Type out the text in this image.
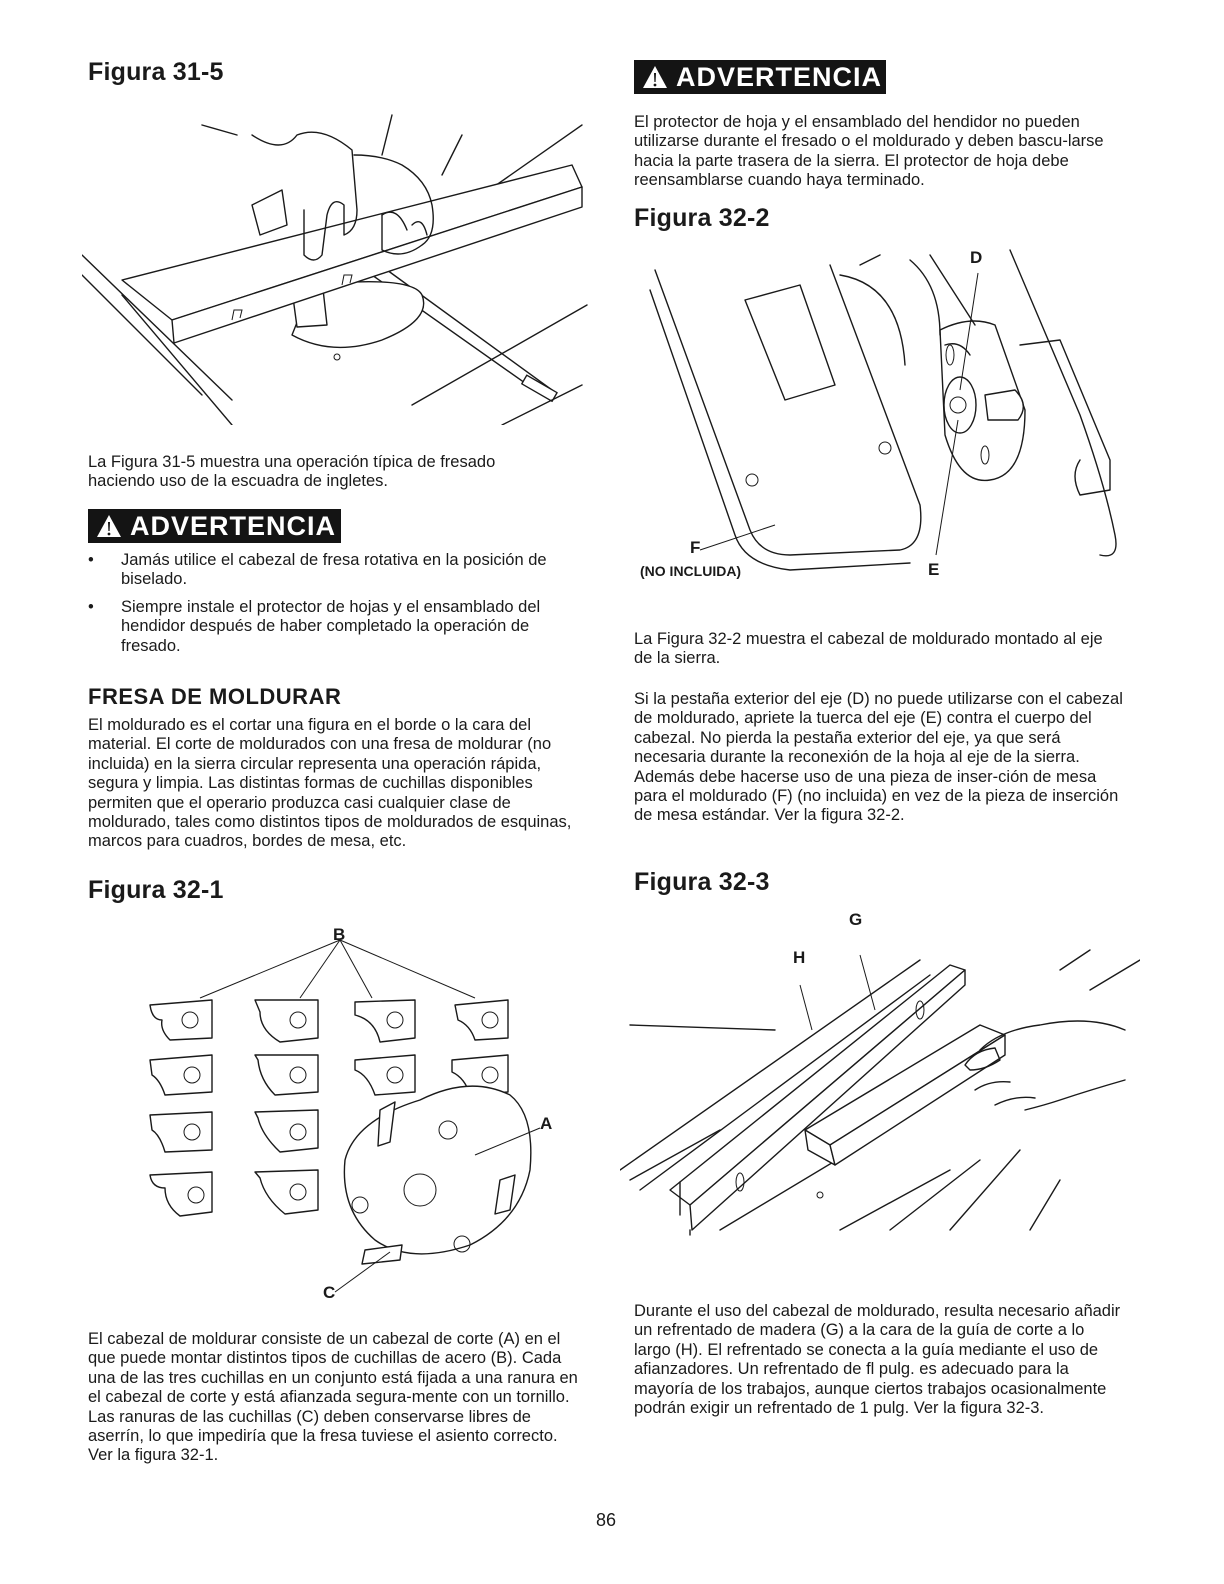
Figura 31-5
La Figura 31-5 muestra una operación típica de fresado haciendo uso de la escuadra de ingletes.
ADVERTENCIA
• Jamás utilice el cabezal de fresa rotativa en la posición de biselado.
• Siempre instale el protector de hojas y el ensamblado del hendidor después de haber completado la operación de fresado.
FRESA DE MOLDURAR
El moldurado es el cortar una figura en el borde o la cara del material. El corte de moldurados con una fresa de moldurar (no incluida) en la sierra circular representa una operación rápida, segura y limpia. Las distintas formas de cuchillas disponibles permiten que el operario produzca casi cualquier clase de moldurado, tales como distintos tipos de moldurados de esquinas, marcos para cuadros, bordes de mesa, etc.
Figura 32-1
B
A
C
El cabezal de moldurar consiste de un cabezal de corte (A) en el que puede montar distintos tipos de cuchillas de acero (B). Cada una de las tres cuchillas en un conjunto está fijada a una ranura en el cabezal de corte y está afianzada segura-mente con un tornillo. Las ranuras de las cuchillas (C) deben conservarse libres de aserrín, lo que impediría que la fresa tuviese el asiento correcto. Ver la figura 32-1.
ADVERTENCIA
El protector de hoja y el ensamblado del hendidor no pueden utilizarse durante el fresado o el moldurado y deben bascu-larse hacia la parte trasera de la sierra. El protector de hoja debe reensamblarse cuando haya terminado.
Figura 32-2
D
F
(NO INCLUIDA)	E
La Figura 32-2 muestra el cabezal de moldurado montado al eje de la sierra.
Si la pestaña exterior del eje (D) no puede utilizarse con el cabezal de moldurado, apriete la tuerca del eje (E) contra el cuerpo del cabezal. No pierda la pestaña exterior del eje, ya que será necesaria durante la reconexión de la hoja al eje de la sierra. Además debe hacerse uso de una pieza de inser-ción de mesa para el moldurado (F) (no incluida) en vez de la pieza de inserción de mesa estándar. Ver la figura 32-2.
Figura 32-3
G
H
Durante el uso del cabezal de moldurado, resulta necesario añadir un refrentado de madera (G) a la cara de la guía de corte a lo largo (H). El refrentado se conecta a la guía mediante el uso de afianzadores. Un refrentado de fl pulg. es adecuado para la mayoría de los trabajos, aunque ciertos trabajos ocasionalmente podrán exigir un refrentado de 1 pulg. Ver la figura 32-3.
86
